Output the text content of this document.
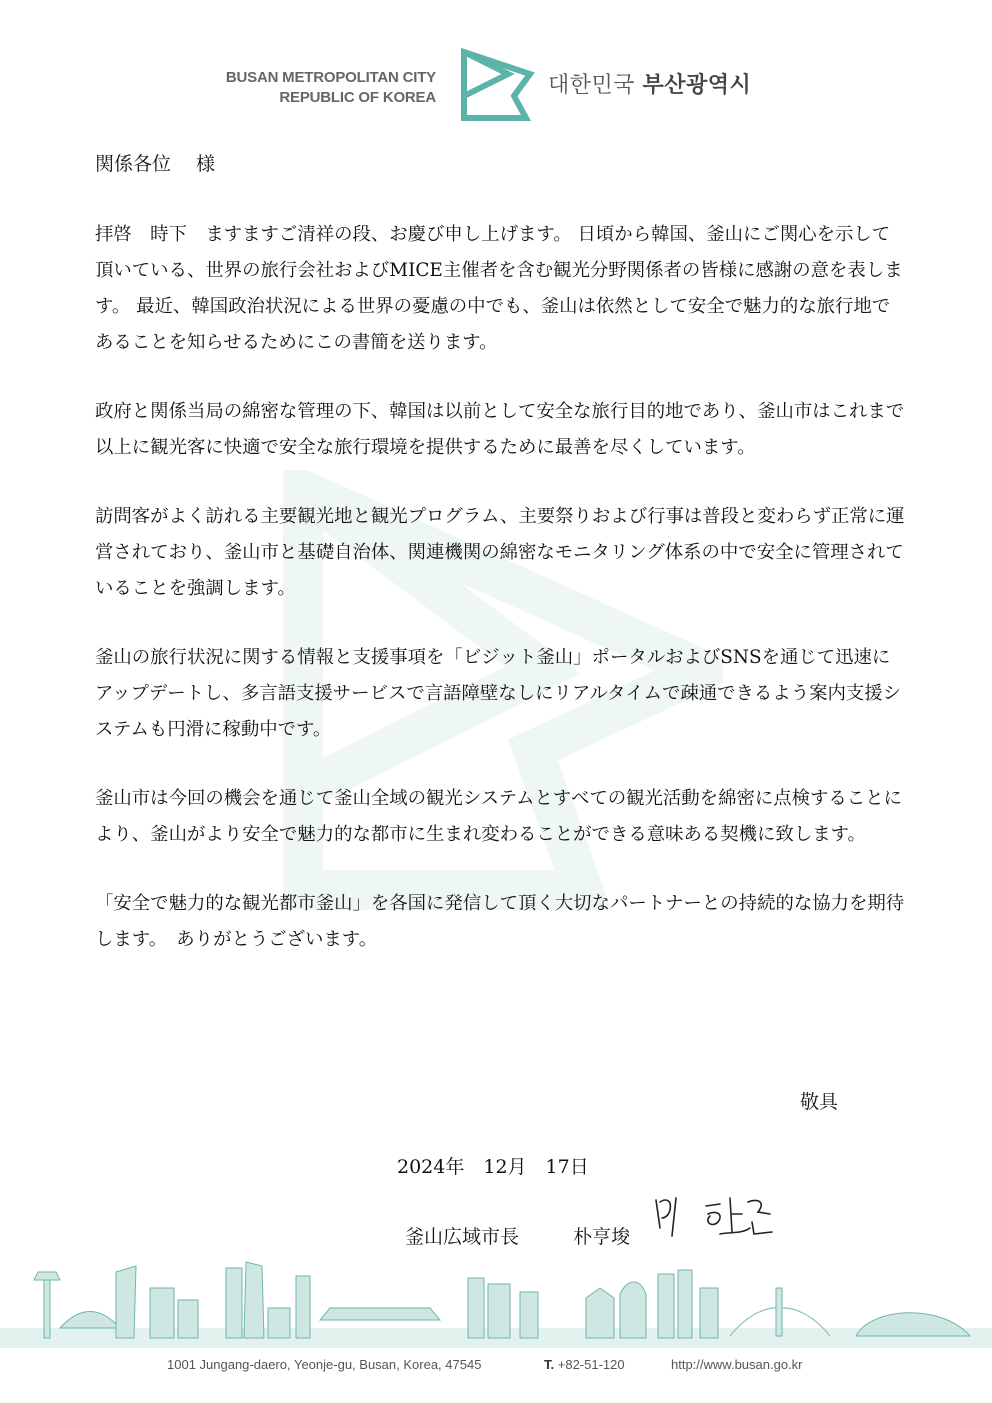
BUSAN METROPOLITAN CITY
REPUBLIC OF KOREA	대한민국 부산광역시
関係各位　 様

拝啓　時下　ますますご清祥の段、お慶び申し上げます。 日頃から韓国、釜山にご関心を示して頂いている、世界の旅行会社およびMICE主催者を含む観光分野関係者の皆様に感謝の意を表します。 最近、韓国政治状況による世界の憂慮の中でも、釜山は依然として安全で魅力的な旅行地であることを知らせるためにこの書簡を送ります。

政府と関係当局の綿密な管理の下、韓国は以前として安全な旅行目的地であり、釜山市はこれまで以上に観光客に快適で安全な旅行環境を提供するために最善を尽くしています。

訪問客がよく訪れる主要観光地と観光プログラム、主要祭りおよび行事は普段と変わらず正常に運営されており、釜山市と基礎自治体、関連機関の綿密なモニタリング体系の中で安全に管理されていることを強調します。

釜山の旅行状況に関する情報と支援事項を「ビジット釜山」ポータルおよびSNSを通じて迅速にアップデートし、多言語支援サービスで言語障壁なしにリアルタイムで疎通できるよう案内支援システムも円滑に稼動中です。

釜山市は今回の機会を通じて釜山全域の観光システムとすべての観光活動を綿密に点検することにより、釜山がより安全で魅力的な都市に生まれ変わることができる意味ある契機に致します。

「安全で魅力的な観光都市釜山」を各国に発信して頂く大切なパートナーとの持続的な協力を期待します。　ありがとうございます。

敬具
2024年　12月　17日
釜山広域市長	朴亨埈
1001 Jungang-daero, Yeonje-gu, Busan, Korea, 47545	T. +82-51-120	http://www.busan.go.kr
